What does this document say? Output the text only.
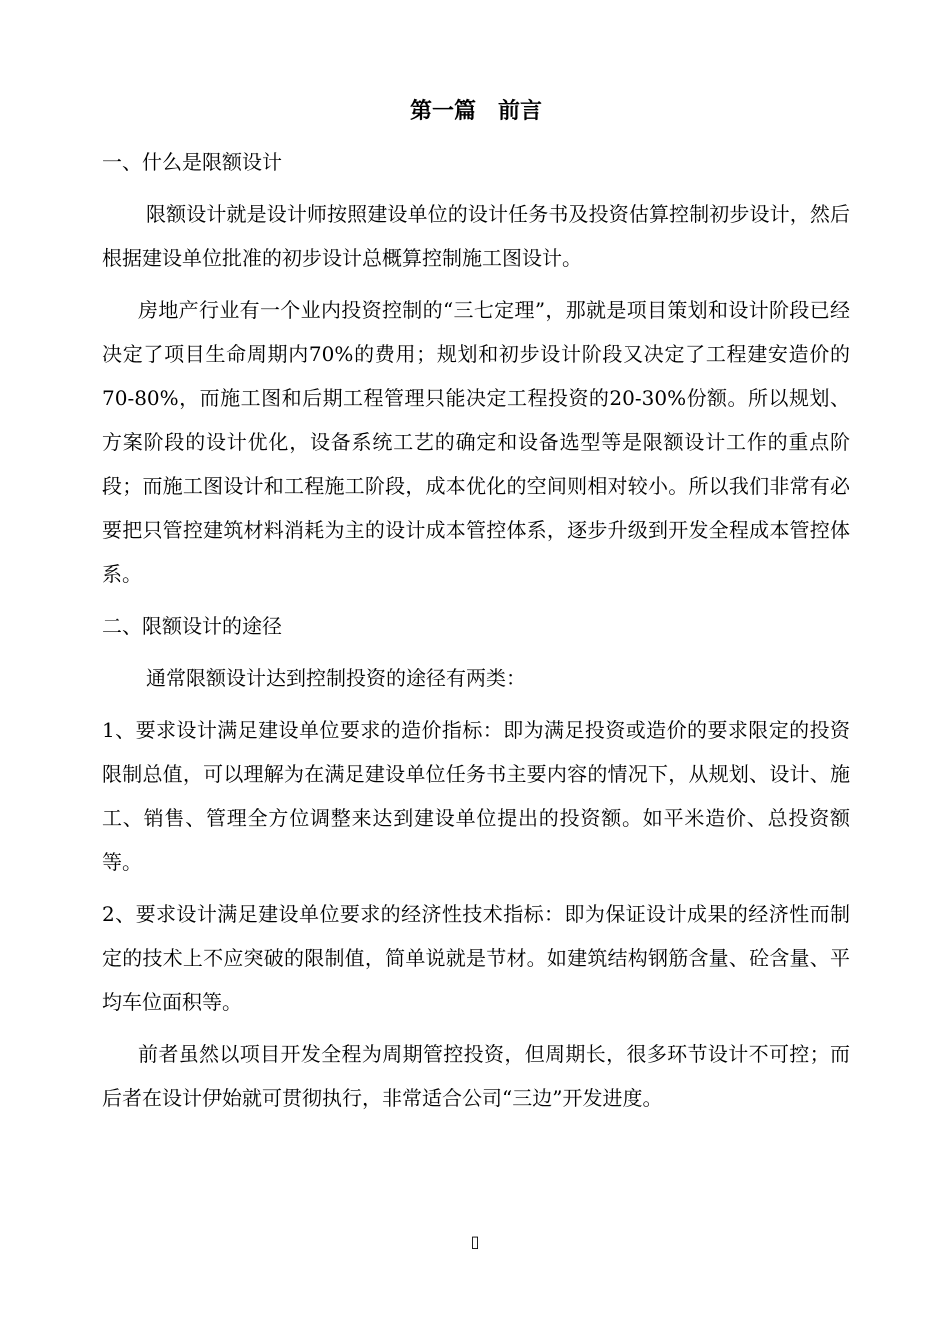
第一篇　前言
一、什么是限额设计
限额设计就是设计师按照建设单位的设计任务书及投资估算控制初步设计，然后根据建设单位批准的初步设计总概算控制施工图设计。
房地产行业有一个业内投资控制的“三七定理”，那就是项目策划和设计阶段已经决定了项目生命周期内70%的费用；规划和初步设计阶段又决定了工程建安造价的70-80%，而施工图和后期工程管理只能决定工程投资的20-30%份额。所以规划、方案阶段的设计优化，设备系统工艺的确定和设备选型等是限额设计工作的重点阶段；而施工图设计和工程施工阶段，成本优化的空间则相对较小。所以我们非常有必要把只管控建筑材料消耗为主的设计成本管控体系，逐步升级到开发全程成本管控体系。
二、限额设计的途径
通常限额设计达到控制投资的途径有两类：
1、要求设计满足建设单位要求的造价指标：即为满足投资或造价的要求限定的投资限制总值，可以理解为在满足建设单位任务书主要内容的情况下，从规划、设计、施工、销售、管理全方位调整来达到建设单位提出的投资额。如平米造价、总投资额等。
2、要求设计满足建设单位要求的经济性技术指标：即为保证设计成果的经济性而制定的技术上不应突破的限制值，简单说就是节材。如建筑结构钢筋含量、砼含量、平均车位面积等。
前者虽然以项目开发全程为周期管控投资，但周期长，很多环节设计不可控；而后者在设计伊始就可贯彻执行，非常适合公司“三边”开发进度。
▯
